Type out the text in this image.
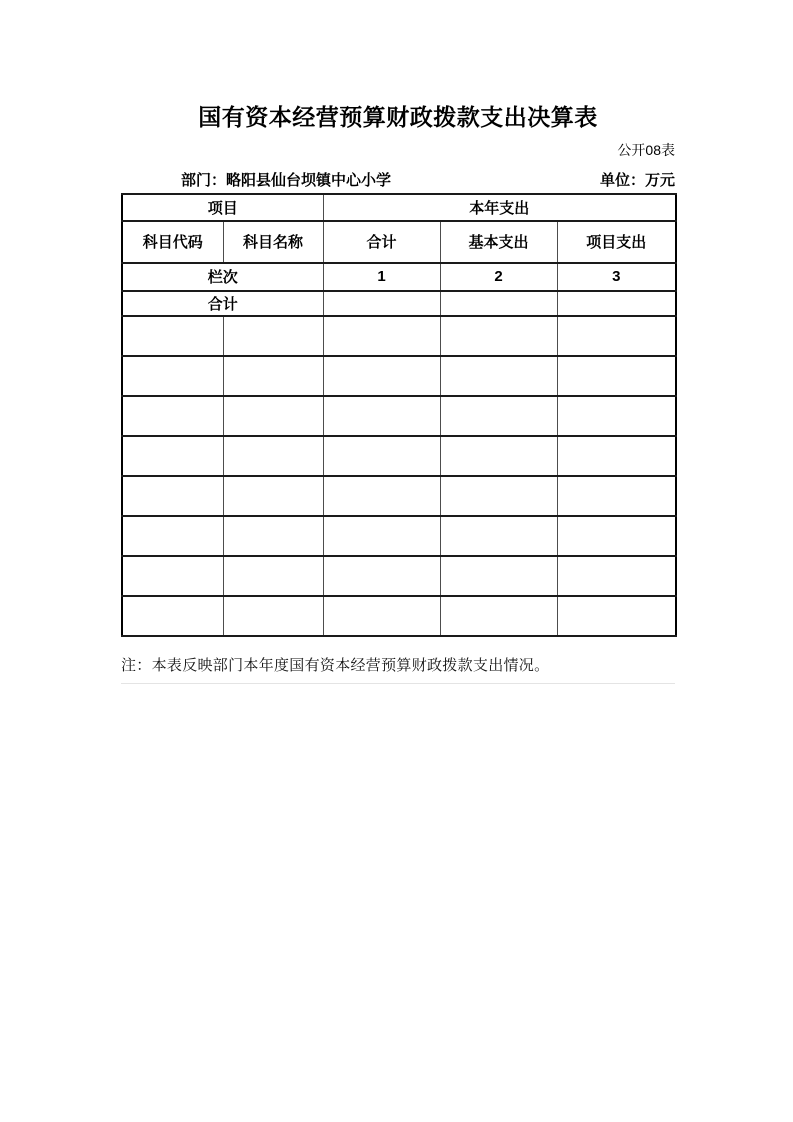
国有资本经营预算财政拨款支出决算表
公开08表
部门：略阳县仙台坝镇中心小学	单位：万元
项目		本年支出		
科目代码	科目名称	合计	基本支出	项目支出
栏次		1	2	3
合计				

注：本表反映部门本年度国有资本经营预算财政拨款支出情况。
